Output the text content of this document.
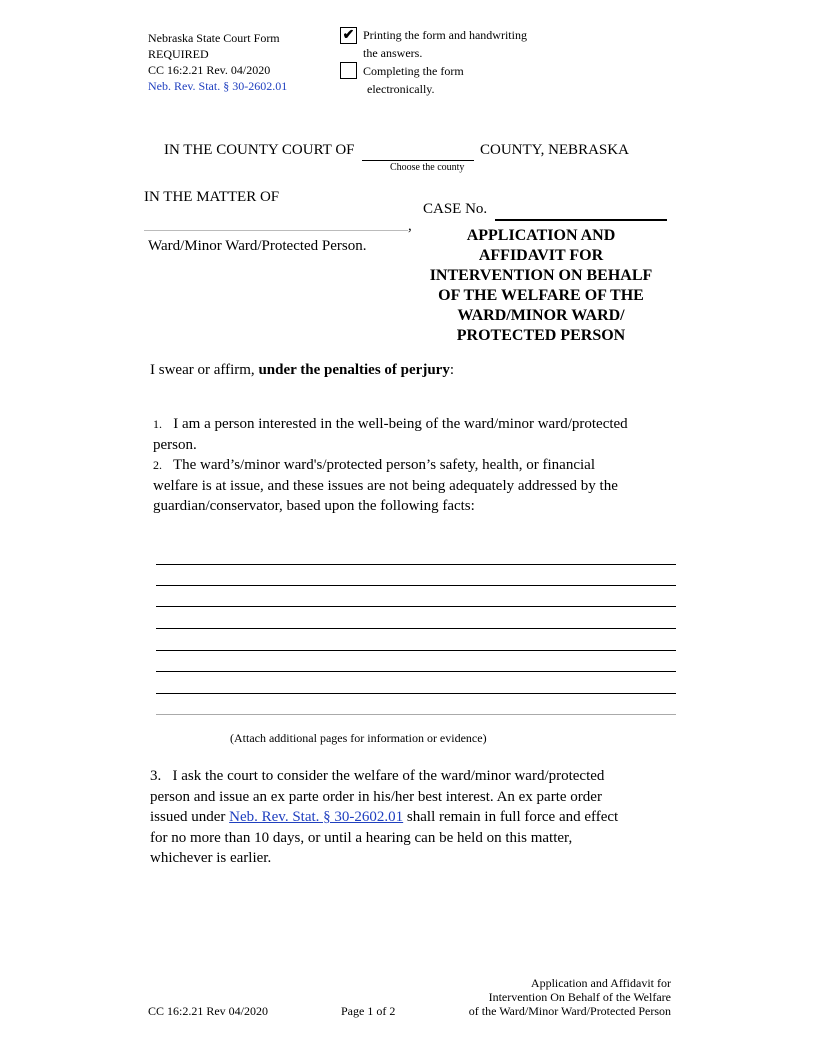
Nebraska State Court Form
REQUIRED
CC 16:2.21 Rev. 04/2020
Neb. Rev. Stat. § 30-2602.01
✔ Printing the form and handwriting
the answers.
Completing the form
electronically.
IN THE COUNTY COURT OF	COUNTY, NEBRASKA
Choose the county
IN THE MATTER OF
,
Ward/Minor Ward/Protected Person.
CASE No.
APPLICATION AND
AFFIDAVIT FOR
INTERVENTION ON BEHALF
OF THE WELFARE OF THE
WARD/MINOR WARD/
PROTECTED PERSON
I swear or affirm, under the penalties of perjury:
1. I am a person interested in the well-being of the ward/minor ward/protected
person.
2. The ward’s/minor ward's/protected person’s safety, health, or financial
welfare is at issue, and these issues are not being adequately addressed by the
guardian/conservator, based upon the following facts:
(Attach additional pages for information or evidence)
3. I ask the court to consider the welfare of the ward/minor ward/protected
person and issue an ex parte order in his/her best interest. An ex parte order
issued under Neb. Rev. Stat. § 30-2602.01 shall remain in full force and effect
for no more than 10 days, or until a hearing can be held on this matter,
whichever is earlier.
CC 16:2.21 Rev 04/2020	Page 1 of 2
Application and Affidavit for
Intervention On Behalf of the Welfare
of the Ward/Minor Ward/Protected Person
